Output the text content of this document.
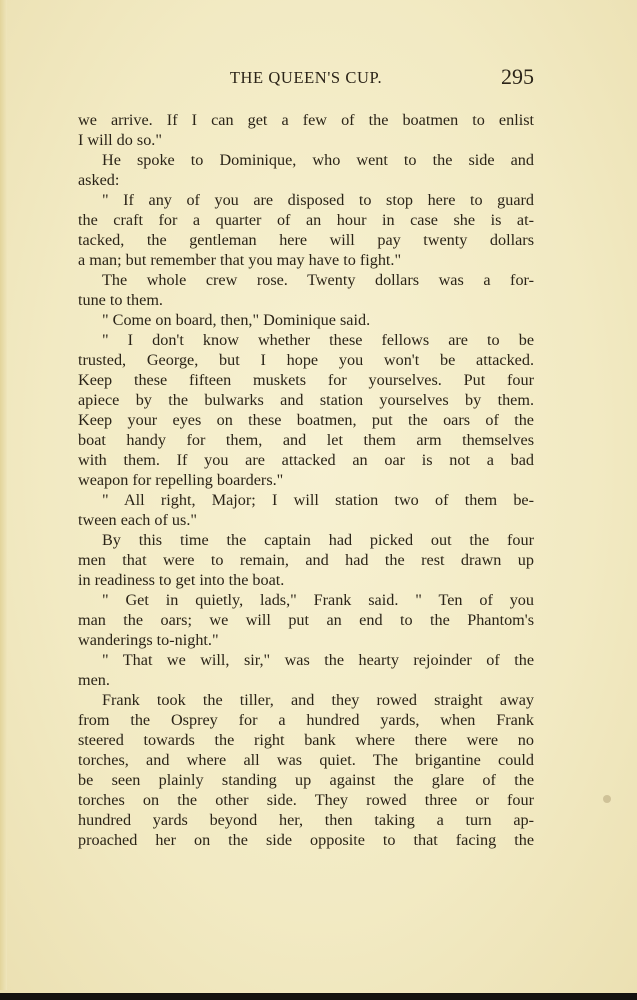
THE QUEEN'S CUP.	295
we arrive. If I can get a few of the boatmen to enlist
I will do so."
He spoke to Dominique, who went to the side and
asked:
" If any of you are disposed to stop here to guard
the craft for a quarter of an hour in case she is at-
tacked, the gentleman here will pay twenty dollars
a man; but remember that you may have to fight."
The whole crew rose. Twenty dollars was a for-
tune to them.
" Come on board, then," Dominique said.
" I don't know whether these fellows are to be
trusted, George, but I hope you won't be attacked.
Keep these fifteen muskets for yourselves. Put four
apiece by the bulwarks and station yourselves by them.
Keep your eyes on these boatmen, put the oars of the
boat handy for them, and let them arm themselves
with them. If you are attacked an oar is not a bad
weapon for repelling boarders."
" All right, Major; I will station two of them be-
tween each of us."
By this time the captain had picked out the four
men that were to remain, and had the rest drawn up
in readiness to get into the boat.
" Get in quietly, lads," Frank said. " Ten of you
man the oars; we will put an end to the Phantom's
wanderings to-night."
" That we will, sir," was the hearty rejoinder of the
men.
Frank took the tiller, and they rowed straight away
from the Osprey for a hundred yards, when Frank
steered towards the right bank where there were no
torches, and where all was quiet. The brigantine could
be seen plainly standing up against the glare of the
torches on the other side. They rowed three or four
hundred yards beyond her, then taking a turn ap-
proached her on the side opposite to that facing the
